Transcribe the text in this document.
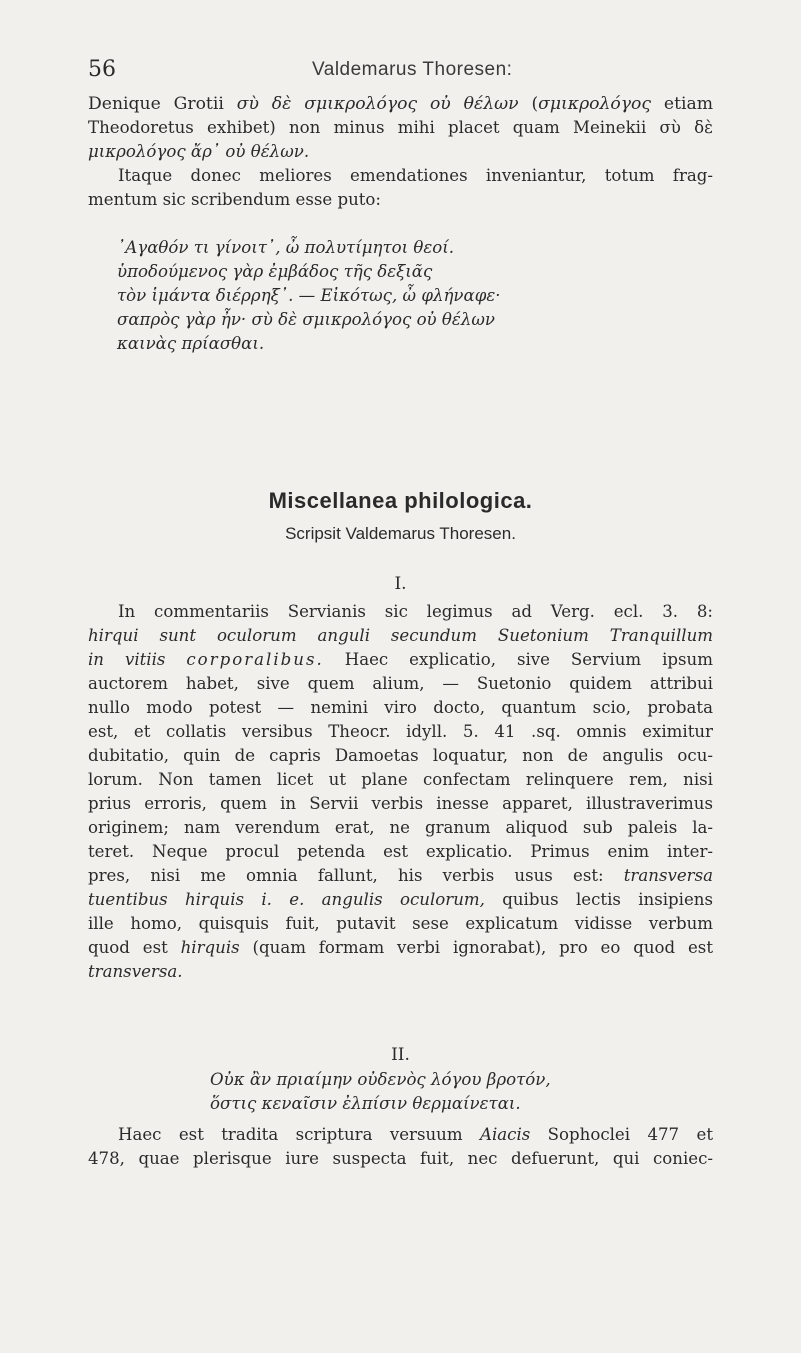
56	Valdemarus Thoresen:
Denique Grotii σὺ δὲ σμικρολόγος οὐ θέλων (σμικρολόγος etiam
Theodoretus exhibet) non minus mihi placet quam Meinekii σὺ δὲ
μικρολόγος ἄρ᾿ οὐ θέλων.
Itaque donec meliores emendationes inveniantur, totum frag-
mentum sic scribendum esse puto:
᾿Αγαθόν τι γίνοιτ᾿, ὦ πολυτίμητοι θεοί.
ὑποδούμενος γὰρ ἐμβάδος τῆς δεξιᾶς
τὸν ἱμάντα διέρρηξ᾿. — Εἰκότως, ὦ φλήναφε·
σαπρὸς γὰρ ἦν· σὺ δὲ σμικρολόγος οὐ θέλων
καινὰς πρίασθαι.
Miscellanea philologica.
Scripsit Valdemarus Thoresen.
I.
In commentariis Servianis sic legimus ad Verg. ecl. 3. 8:
hirqui sunt oculorum anguli secundum Suetonium Tranquillum
in vitiis corporalibus. Haec explicatio, sive Servium ipsum
auctorem habet, sive quem alium, — Suetonio quidem attribui
nullo modo potest — nemini viro docto, quantum scio, probata
est, et collatis versibus Theocr. idyll. 5. 41 .sq. omnis eximitur
dubitatio, quin de capris Damoetas loquatur, non de angulis ocu-
lorum. Non tamen licet ut plane confectam relinquere rem, nisi
prius erroris, quem in Servii verbis inesse apparet, illustraverimus
originem; nam verendum erat, ne granum aliquod sub paleis la-
teret. Neque procul petenda est explicatio. Primus enim inter-
pres, nisi me omnia fallunt, his verbis usus est: transversa
tuentibus hirquis i. e. angulis oculorum, quibus lectis insipiens
ille homo, quisquis fuit, putavit sese explicatum vidisse verbum
quod est hirquis (quam formam verbi ignorabat), pro eo quod est
transversa.
II.
Οὐκ ἂν πριαίμην οὐδενὸς λόγου βροτόν,
ὅστις κεναῖσιν ἐλπίσιν θερμαίνεται.
Haec est tradita scriptura versuum Aiacis Sophoclei 477 et
478, quae plerisque iure suspecta fuit, nec defuerunt, qui coniec-
